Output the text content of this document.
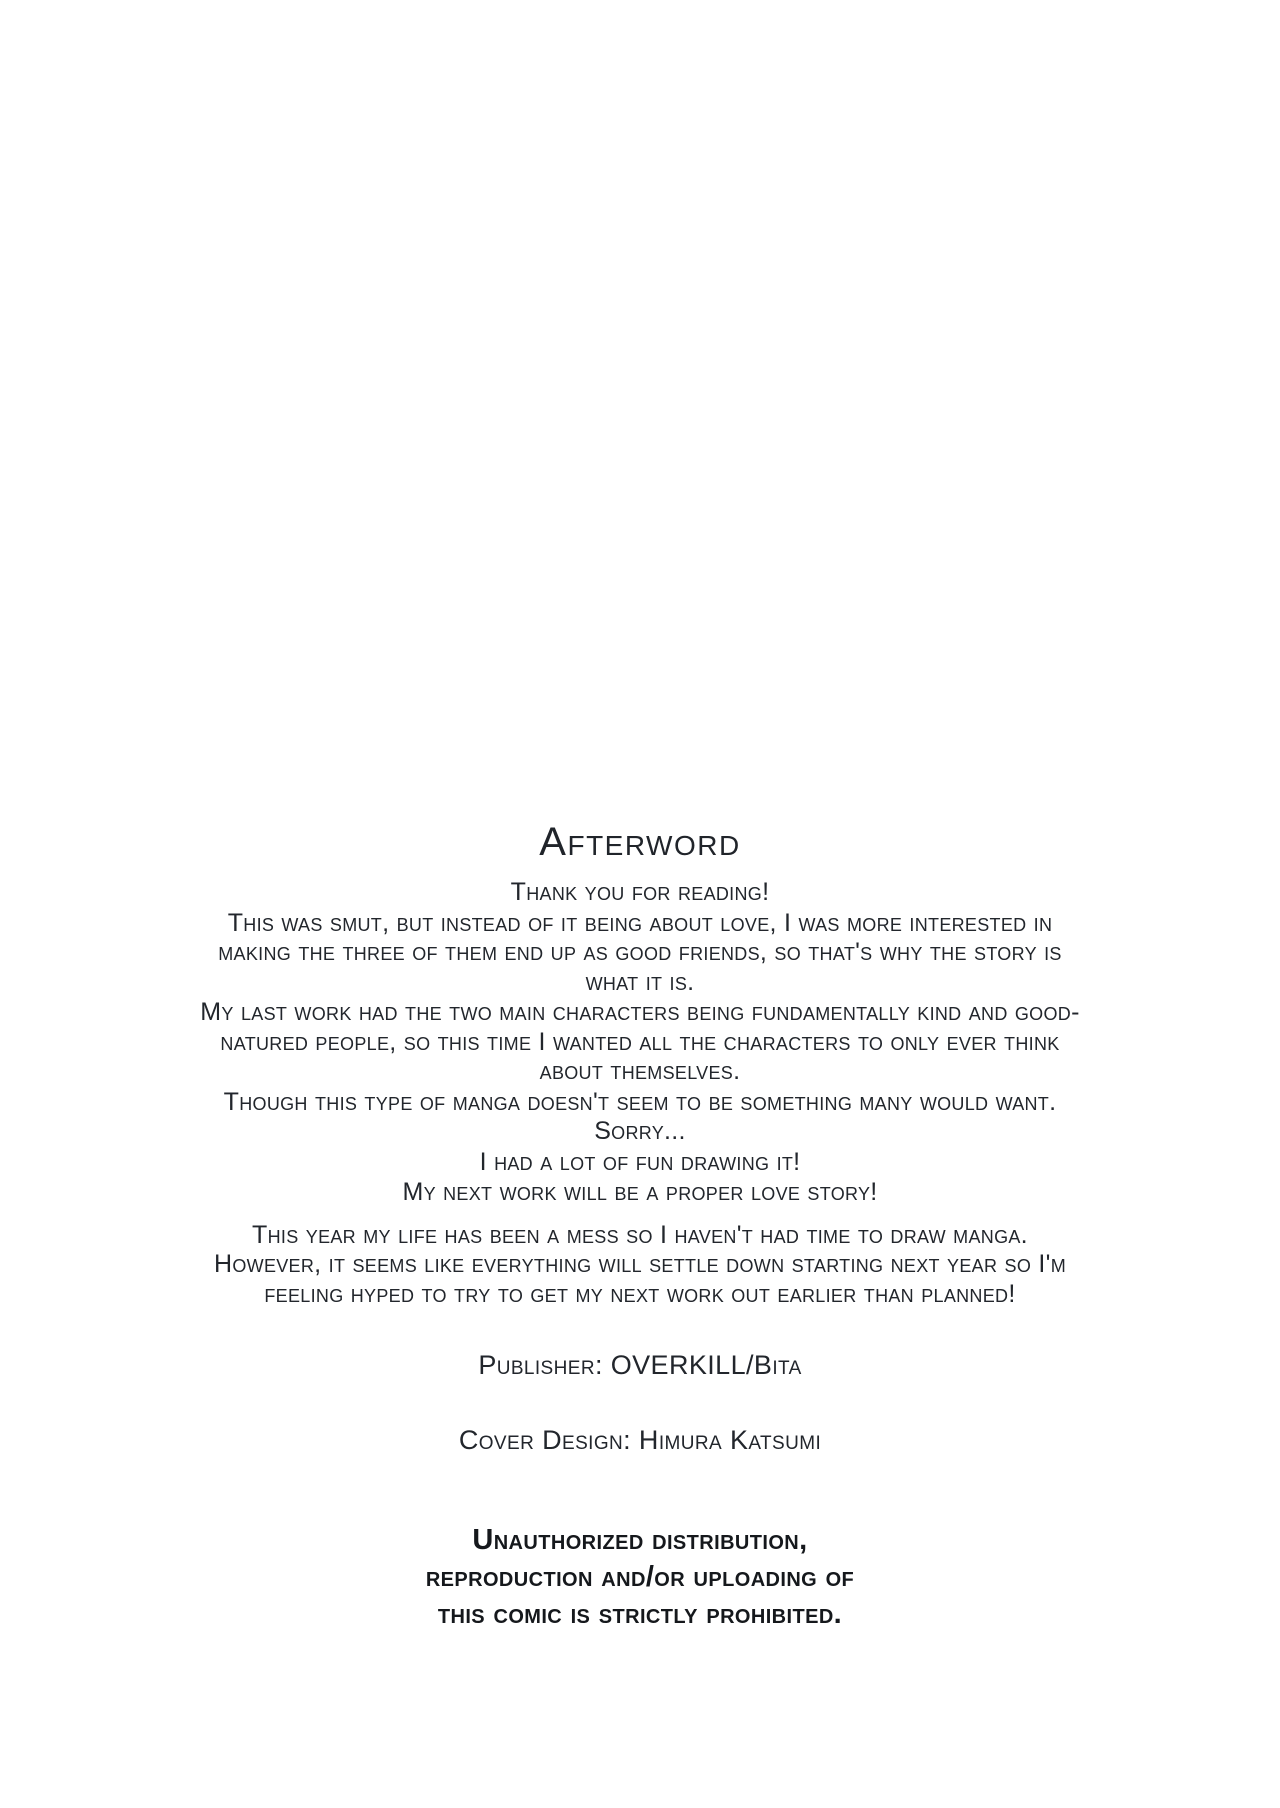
Afterword

Thank you for reading!

This was smut, but instead of it being about love, I was more interested in making the three of them end up as good friends, so that's why the story is what it is.

My last work had the two main characters being fundamentally kind and good-natured people, so this time I wanted all the characters to only ever think about themselves.

Though this type of manga doesn't seem to be something many would want. Sorry...

I had a lot of fun drawing it!

My next work will be a proper love story!

This year my life has been a mess so I haven't had time to draw manga. However, it seems like everything will settle down starting next year so I'm feeling hyped to try to get my next work out earlier than planned!

Publisher: OVERKILL/Bita

Cover Design: Himura Katsumi

Unauthorized distribution,

reproduction and/or uploading of

this comic is strictly prohibited.
